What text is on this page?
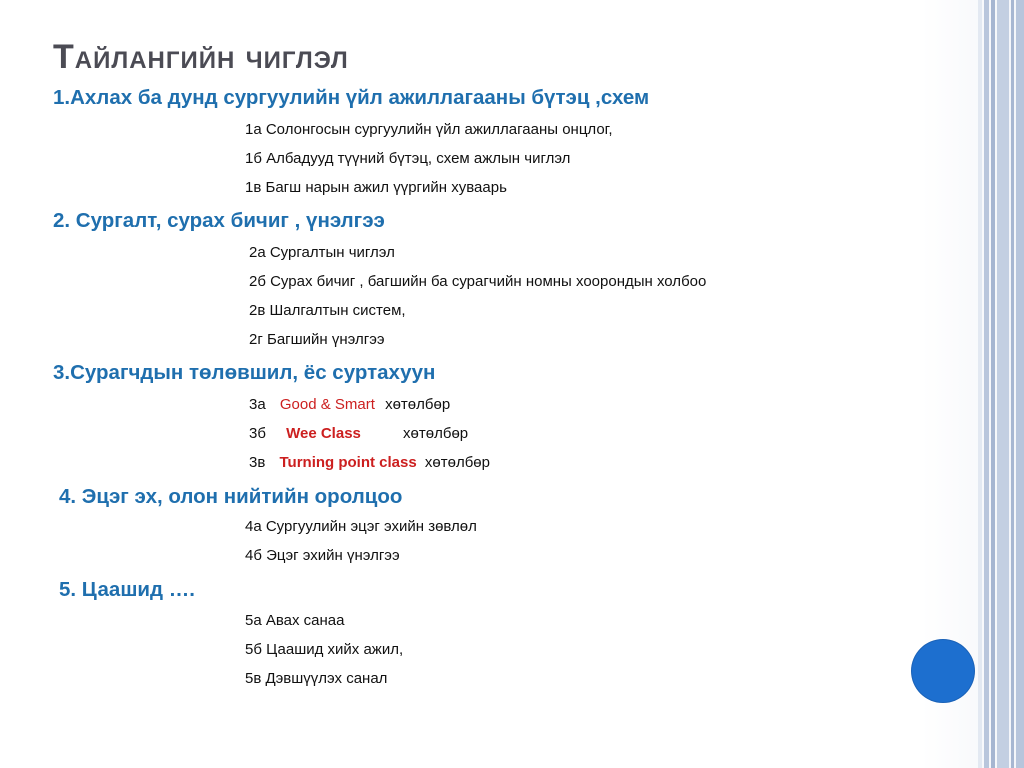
Тайлангийн чиглэл
1.Ахлах ба дунд сургуулийн үйл ажиллагааны бүтэц ,схем
1а Солонгосын сургуулийн үйл ажиллагааны онцлог,
1б Албадууд түүний бүтэц, схем ажлын чиглэл
1в Багш нарын ажил үүргийн хуваарь
2. Сургалт, сурах бичиг , үнэлгээ
2а Сургалтын чиглэл
2б Сурах бичиг , багшийн ба сурагчийн номны хоорондын холбоо
2в Шалгалтын систем,
2г Багшийн үнэлгээ
3.Сурагчдын төлөвшил, ёс суртахуун
3а Good & Smart хөтөлбөр
3б Wee Class	хөтөлбөр
3в Turning point class хөтөлбөр
4. Эцэг эх, олон нийтийн оролцоо
4а Сургуулийн эцэг эхийн зөвлөл
4б Эцэг эхийн үнэлгээ
5. Цаашид ….
5а Авах санаа
5б Цаашид хийх ажил,
5в Дэвшүүлэх санал
